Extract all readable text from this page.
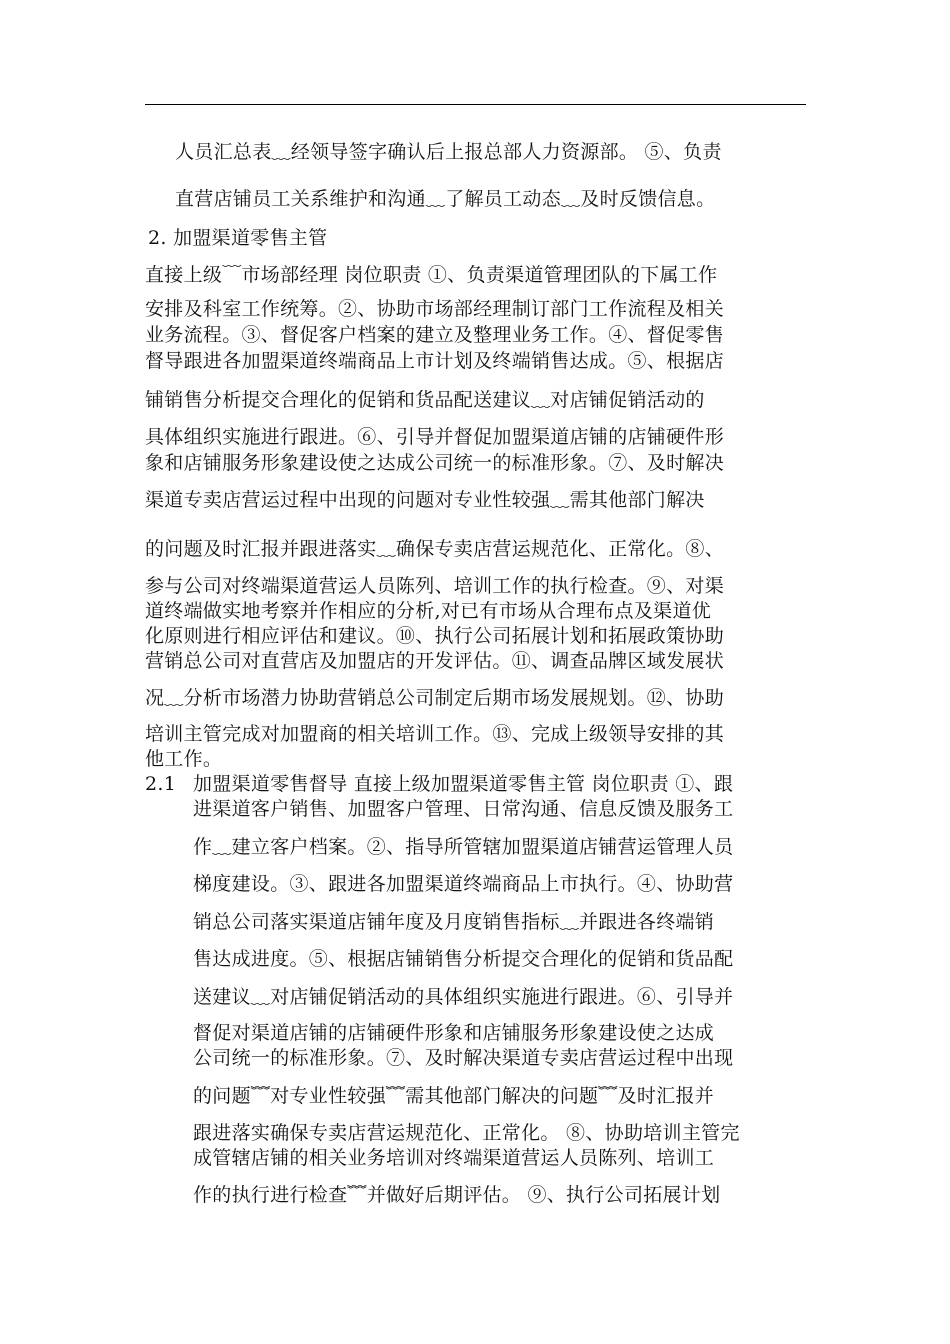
人员汇总表﹏经领导签字确认后上报总部人力资源部。 ⑤、负责
直营店铺员工关系维护和沟通﹏了解员工动态﹏及时反馈信息。
2. 加盟渠道零售主管
直接上级﹋市场部经理 岗位职责 ①、负责渠道管理团队的下属工作
安排及科室工作统筹。②、协助市场部经理制订部门工作流程及相关
业务流程。③、督促客户档案的建立及整理业务工作。④、督促零售
督导跟进各加盟渠道终端商品上市计划及终端销售达成。⑤、根据店
铺销售分析提交合理化的促销和货品配送建议﹏对店铺促销活动的
具体组织实施进行跟进。⑥、引导并督促加盟渠道店铺的店铺硬件形
象和店铺服务形象建设使之达成公司统一的标准形象。⑦、及时解决
渠道专卖店营运过程中出现的问题对专业性较强﹏需其他部门解决
的问题及时汇报并跟进落实﹏确保专卖店营运规范化、正常化。⑧、
参与公司对终端渠道营运人员陈列、培训工作的执行检查。⑨、对渠
道终端做实地考察并作相应的分析,对已有市场从合理布点及渠道优
化原则进行相应评估和建议。⑩、执行公司拓展计划和拓展政策协助
营销总公司对直营店及加盟店的开发评估。⑪、调查品牌区域发展状
况﹏分析市场潜力协助营销总公司制定后期市场发展规划。⑫、协助
培训主管完成对加盟商的相关培训工作。⑬、完成上级领导安排的其
他工作。
2.1 加盟渠道零售督导 直接上级加盟渠道零售主管 岗位职责 ①、跟
进渠道客户销售、加盟客户管理、日常沟通、信息反馈及服务工
作﹏建立客户档案。②、指导所管辖加盟渠道店铺营运管理人员
梯度建设。③、跟进各加盟渠道终端商品上市执行。④、协助营
销总公司落实渠道店铺年度及月度销售指标﹏并跟进各终端销
售达成进度。⑤、根据店铺销售分析提交合理化的促销和货品配
送建议﹏对店铺促销活动的具体组织实施进行跟进。⑥、引导并
督促对渠道店铺的店铺硬件形象和店铺服务形象建设使之达成
公司统一的标准形象。⑦、及时解决渠道专卖店营运过程中出现
的问题﹌对专业性较强﹌需其他部门解决的问题﹌及时汇报并
跟进落实确保专卖店营运规范化、正常化。 ⑧、协助培训主管完
成管辖店铺的相关业务培训对终端渠道营运人员陈列、培训工
作的执行进行检查﹌并做好后期评估。 ⑨、执行公司拓展计划
